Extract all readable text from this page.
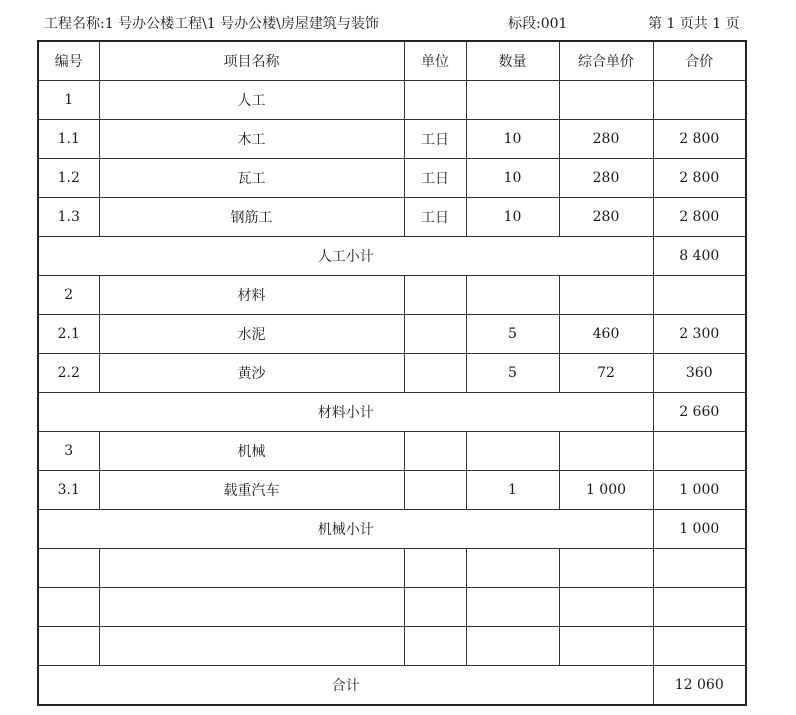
工程名称:1 号办公楼工程\1 号办公楼\房屋建筑与装饰	标段:001	第 1 页共 1 页
编号	项目名称	单位	数量	综合单价	合价
1	人工				
1.1	木工	工日	10	280	2 800
1.2	瓦工	工日	10	280	2 800
1.3	钢筋工	工日	10	280	2 800
人工小计					8 400
2	材料				
2.1	水泥		5	460	2 300
2.2	黄沙		5	72	360
材料小计					2 660
3	机械				
3.1	载重汽车		1	1 000	1 000
机械小计					1 000

合计					12 060
